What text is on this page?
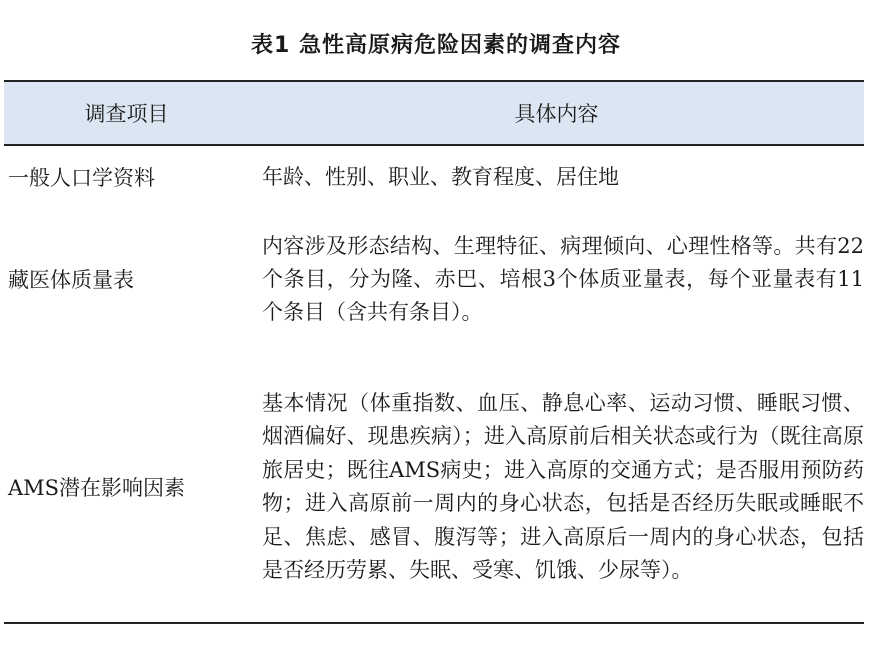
表1 急性高原病危险因素的调查内容
调查项目	具体内容
一般人口学资料	年龄、性别、职业、教育程度、居住地
藏医体质量表
内容涉及形态结构、生理特征、病理倾向、心理性格等。共有22个条目，分为隆、赤巴、培根3个体质亚量表，每个亚量表有11个条目（含共有条目）。
AMS潜在影响因素
基本情况（体重指数、血压、静息心率、运动习惯、睡眠习惯、烟酒偏好、现患疾病）；进入高原前后相关状态或行为（既往高原旅居史；既往AMS病史；进入高原的交通方式；是否服用预防药物；进入高原前一周内的身心状态，包括是否经历失眠或睡眠不足、焦虑、感冒、腹泻等；进入高原后一周内的身心状态，包括是否经历劳累、失眠、受寒、饥饿、少尿等）。
